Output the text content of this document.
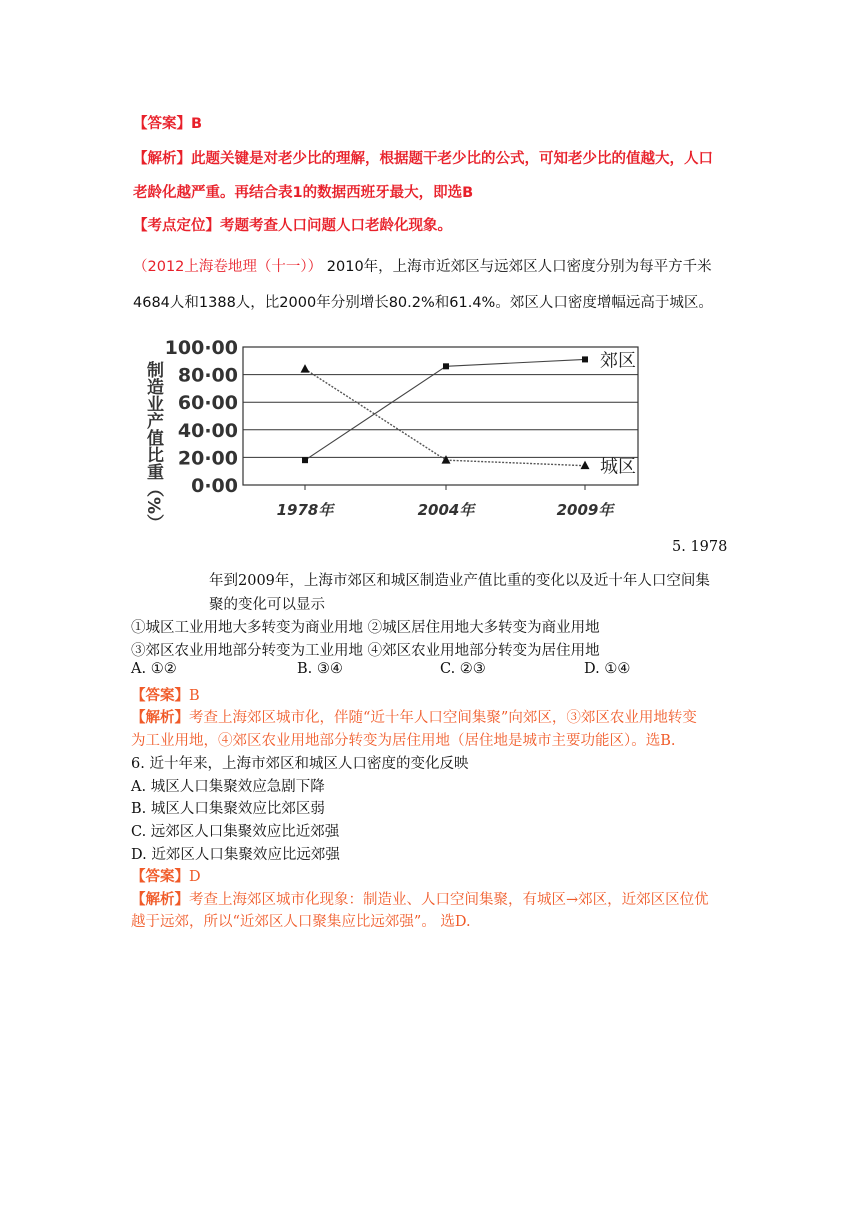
【答案】B
【解析】此题关键是对老少比的理解，根据题干老少比的公式，可知老少比的值越大，人口
老龄化越严重。再结合表1的数据西班牙最大，即选B
【考点定位】考题考查人口问题人口老龄化现象。
（2012上海卷地理（十一）） 2010年，上海市近郊区与远郊区人口密度分别为每平方千米
4684人和1388人，比2000年分别增长80.2%和61.4%。郊区人口密度增幅远高于城区。
制造业产值比重（%） 0·00
20·00
40·00
60·00
80·00
100·00
1978年	2004年	2009年
郊区
城区
5. 1978
年到2009年，上海市郊区和城区制造业产值比重的变化以及近十年人口空间集
聚的变化可以显示
①城区工业用地大多转变为商业用地 ②城区居住用地大多转变为商业用地
③郊区农业用地部分转变为工业用地 ④郊区农业用地部分转变为居住用地
A. ①②	B. ③④	C. ②③	D. ①④
【答案】B
【解析】考查上海郊区城市化，伴随“近十年人口空间集聚”向郊区，③郊区农业用地转变
为工业用地，④郊区农业用地部分转变为居住用地（居住地是城市主要功能区）。选B.
6. 近十年来，上海市郊区和城区人口密度的变化反映
A. 城区人口集聚效应急剧下降
B. 城区人口集聚效应比郊区弱
C. 远郊区人口集聚效应比近郊强
D. 近郊区人口集聚效应比远郊强
【答案】D
【解析】考查上海郊区城市化现象：制造业、人口空间集聚，有城区→郊区，近郊区区位优
越于远郊，所以“近郊区人口聚集应比远郊强”。 选D.
